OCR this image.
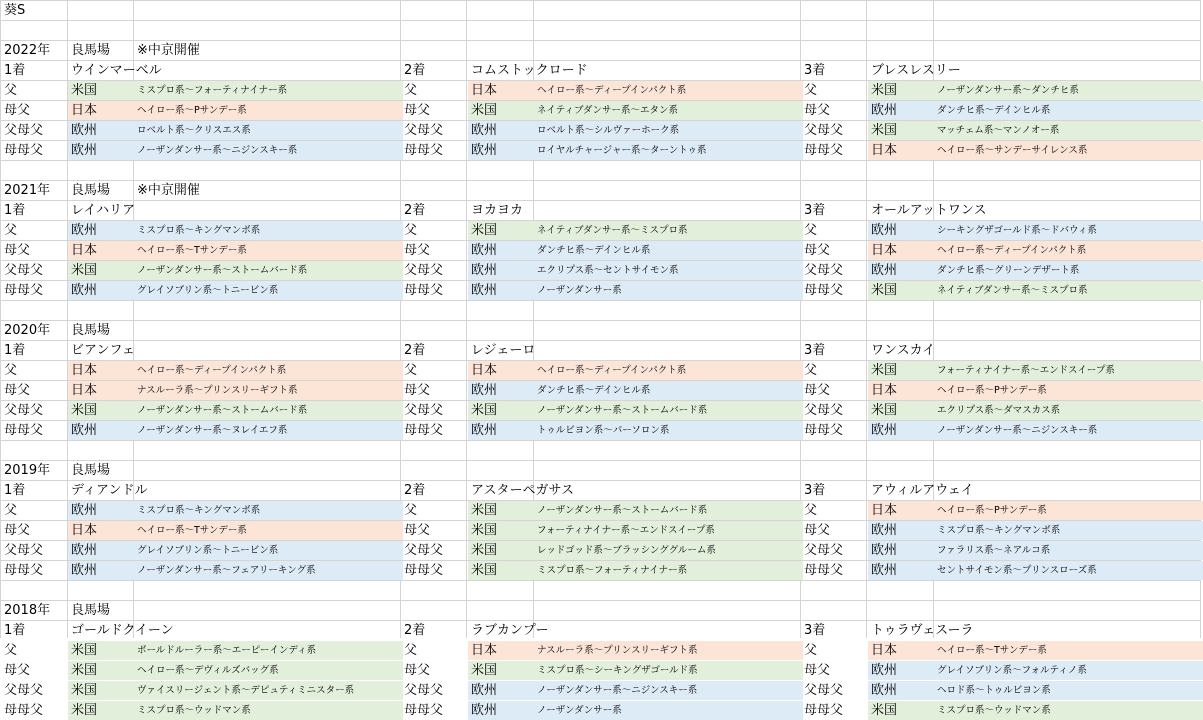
葵S
2022年	良馬場	※中京開催
1着	ウインマーベル	2着	コムストックロード	3着	ブレスレスリー
父	米国	ミスプロ系～フォーティナイナー系	父	日本	ヘイロー系～ディープインパクト系	父	米国	ノーザンダンサー系～ダンチヒ系
母父	日本	ヘイロー系～Pサンデー系	母父	米国	ネイティブダンサー系～エタン系	母父	欧州	ダンチヒ系～デインヒル系
父母父	欧州	ロベルト系～クリスエス系	父母父	欧州	ロベルト系～シルヴァーホーク系	父母父	米国	マッチェム系～マンノオー系
母母父	欧州	ノーザンダンサー系～ニジンスキー系	母母父	欧州	ロイヤルチャージャー系～ターントゥ系	母母父	日本	ヘイロー系～サンデーサイレンス系
2021年	良馬場	※中京開催
1着	レイハリア	2着	ヨカヨカ	3着	オールアットワンス
父	欧州	ミスプロ系～キングマンボ系	父	米国	ネイティブダンサー系～ミスプロ系	父	欧州	シーキングザゴールド系～ドバウィ系
母父	日本	ヘイロー系～Tサンデー系	母父	欧州	ダンチヒ系～デインヒル系	母父	日本	ヘイロー系～ディープインパクト系
父母父	米国	ノーザンダンサー系～ストームバード系	父母父	欧州	エクリプス系～セントサイモン系	父母父	欧州	ダンチヒ系～グリーンデザート系
母母父	欧州	グレイソブリン系～トニービン系	母母父	欧州	ノーザンダンサー系	母母父	米国	ネイティブダンサー系～ミスプロ系
2020年	良馬場
1着	ビアンフェ	2着	レジェーロ	3着	ワンスカイ
父	日本	ヘイロー系～ディープインパクト系	父	日本	ヘイロー系～ディープインパクト系	父	米国	フォーティナイナー系～エンドスイープ系
母父	日本	ナスルーラ系～プリンスリーギフト系	母父	欧州	ダンチヒ系～デインヒル系	母父	日本	ヘイロー系～Pサンデー系
父母父	米国	ノーザンダンサー系～ストームバード系	父母父	米国	ノーザンダンサー系～ストームバード系	父母父	米国	エクリプス系～ダマスカス系
母母父	欧州	ノーザンダンサー系～ヌレイエフ系	母母父	欧州	トゥルビヨン系～パーソロン系	母母父	欧州	ノーザンダンサー系～ニジンスキー系
2019年	良馬場
1着	ディアンドル	2着	アスターペガサス	3着	アウィルアウェイ
父	欧州	ミスプロ系～キングマンボ系	父	米国	ノーザンダンサー系～ストームバード系	父	日本	ヘイロー系～Pサンデー系
母父	日本	ヘイロー系～Tサンデー系	母父	米国	フォーティナイナー系～エンドスイープ系	母父	欧州	ミスプロ系～キングマンボ系
父母父	欧州	グレイソブリン系～トニービン系	父母父	米国	レッドゴッド系～ブラッシンググルーム系	父母父	欧州	ファラリス系～ネアルコ系
母母父	欧州	ノーザンダンサー系～フェアリーキング系	母母父	米国	ミスプロ系～フォーティナイナー系	母母父	欧州	セントサイモン系～プリンスローズ系
2018年	良馬場
1着	ゴールドクイーン	2着	ラブカンプー	3着	トゥラヴェスーラ
父	米国	ボールドルーラー系～エーピーインディ系	父	日本	ナスルーラ系～プリンスリーギフト系	父	日本	ヘイロー系～Tサンデー系
母父	米国	ヘイロー系～デヴィルズバッグ系	母父	米国	ミスプロ系～シーキングザゴールド系	母父	欧州	グレイソブリン系～フォルティノ系
父母父	米国	ヴァイスリージェント系～デピュティミニスター系	父母父	欧州	ノーザンダンサー系～ニジンスキー系	父母父	欧州	ヘロド系～トゥルビヨン系
母母父	米国	ミスプロ系～ウッドマン系	母母父	欧州	ノーザンダンサー系	母母父	米国	ミスプロ系～ウッドマン系
